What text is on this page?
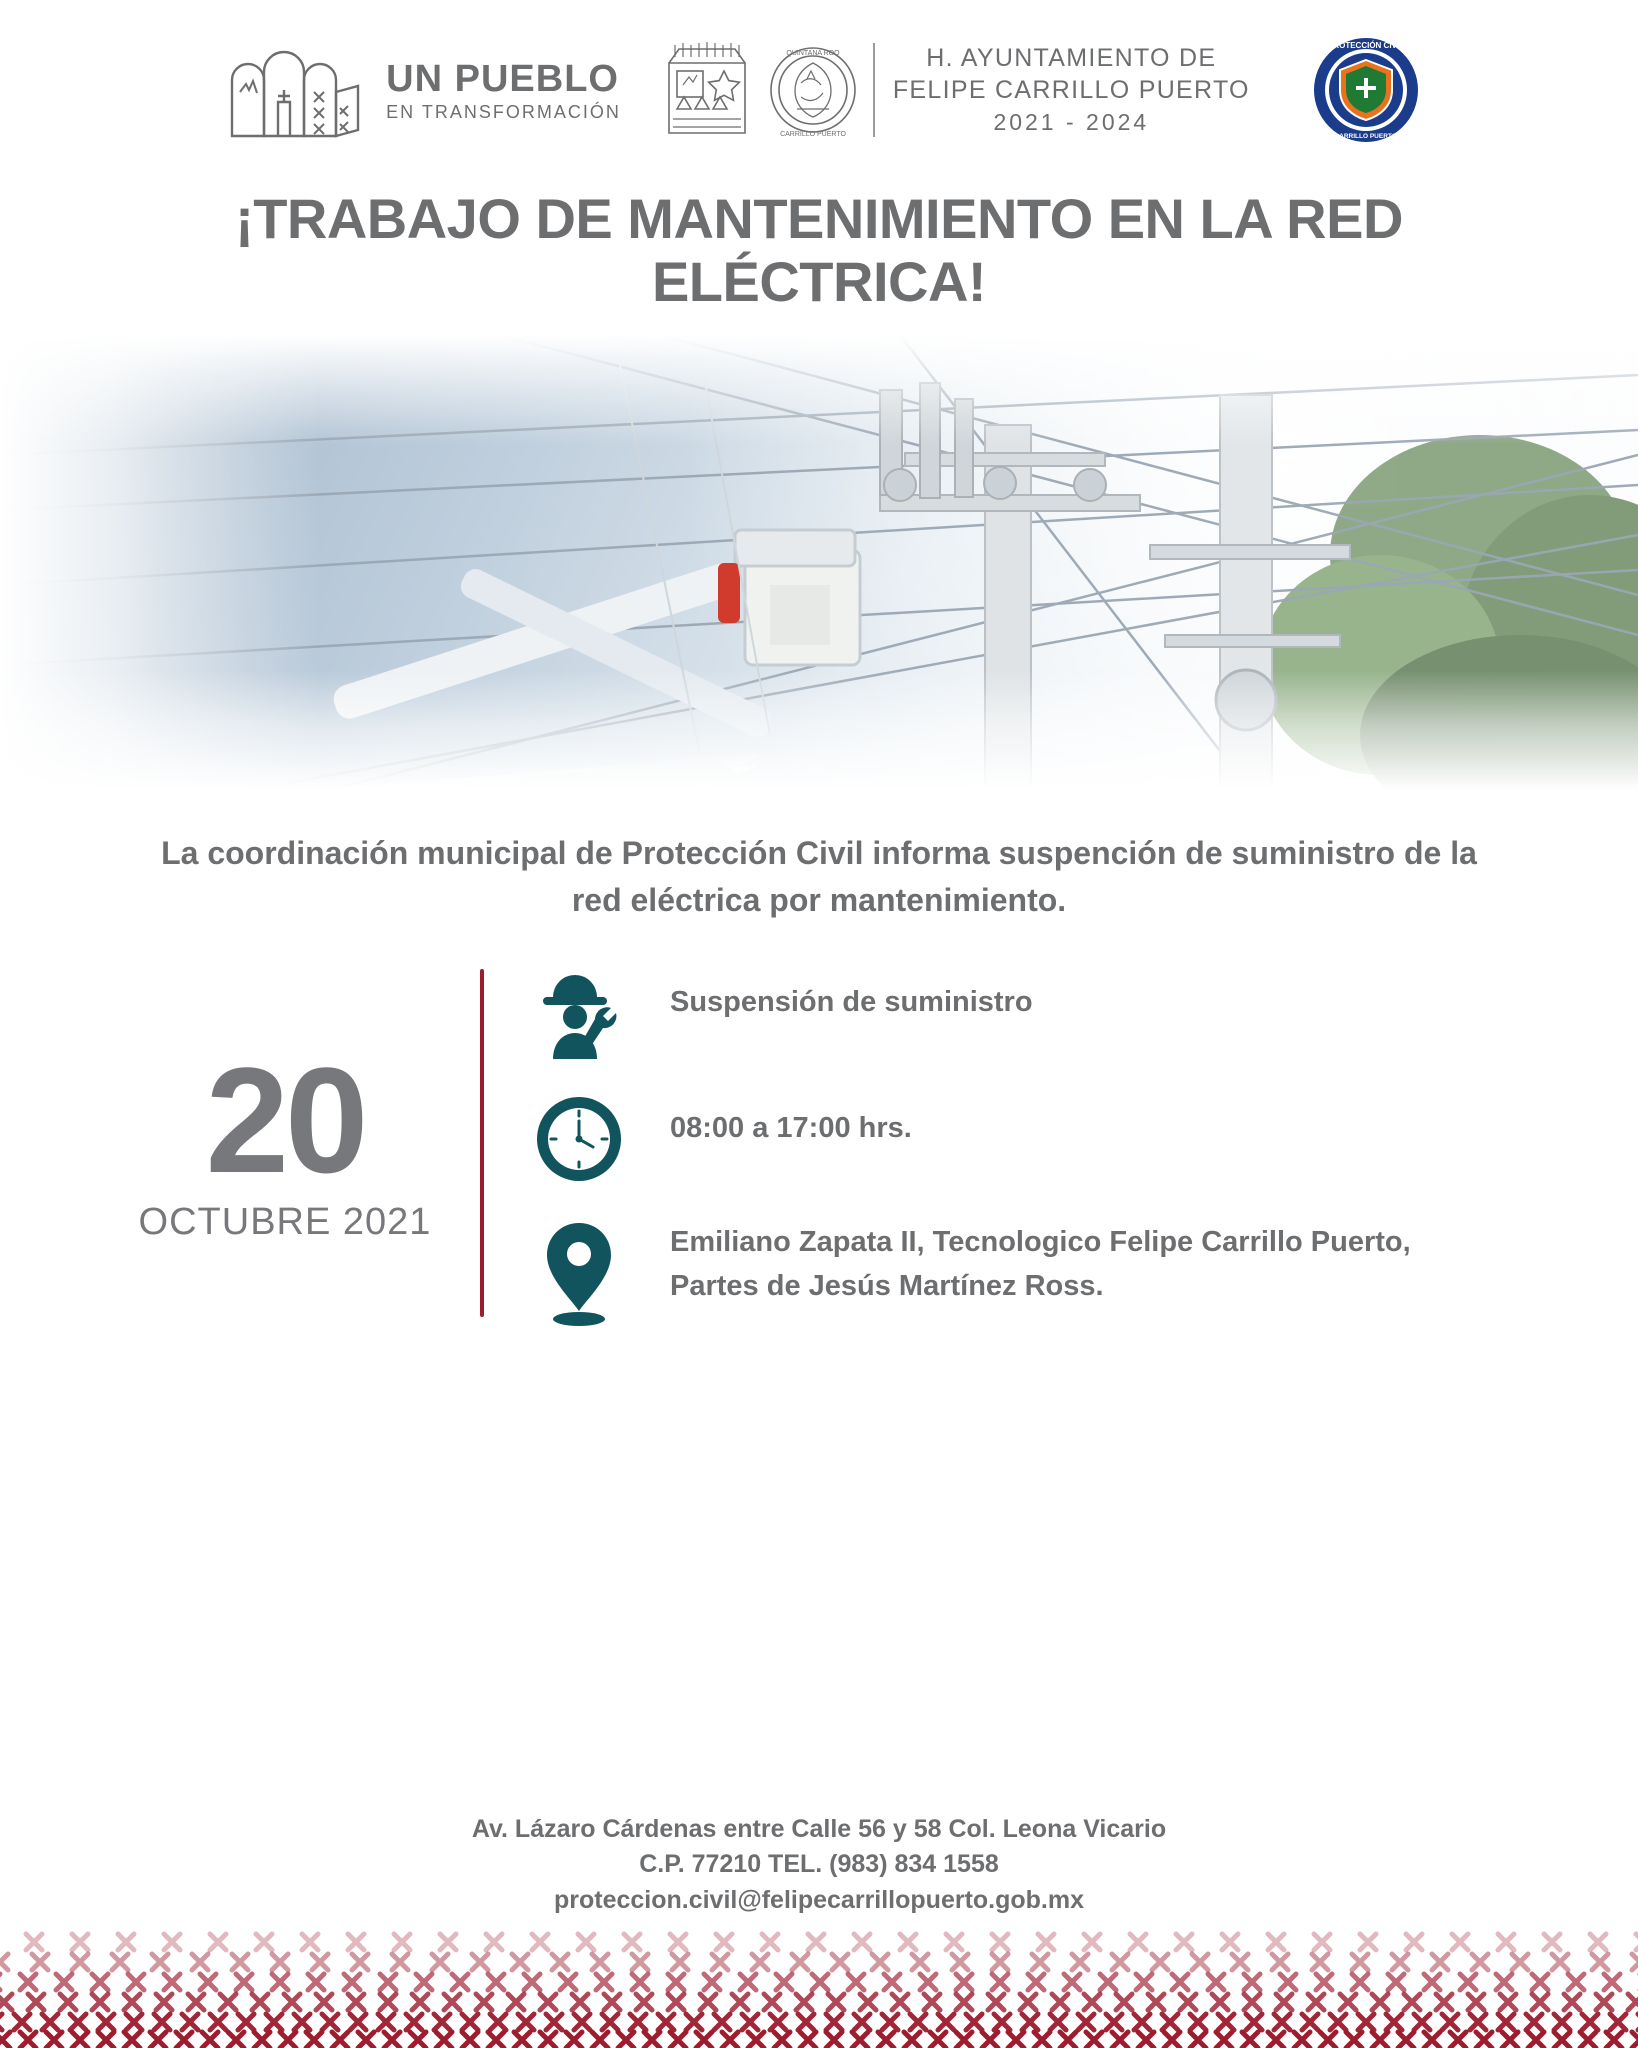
UN PUEBLO
EN TRANSFORMACIÓN
QUINTANA ROO
CARRILLO PUERTO
H. AYUNTAMIENTO DE
FELIPE CARRILLO PUERTO
2021 - 2024
PROTECCIÓN CIVIL
FELIPE CARRILLO PUERTO Q. ROO
¡TRABAJO DE MANTENIMIENTO EN LA RED ELÉCTRICA!
La coordinación municipal de Protección Civil informa suspención de suministro de la red eléctrica por mantenimiento.
20
OCTUBRE 2021
Suspensión de suministro
08:00 a 17:00 hrs.
Emiliano Zapata II, Tecnologico Felipe Carrillo Puerto, Partes de Jesús Martínez Ross.
Av. Lázaro Cárdenas entre Calle 56 y 58 Col. Leona Vicario
C.P. 77210 TEL. (983) 834 1558
proteccion.civil@felipecarrillopuerto.gob.mx
